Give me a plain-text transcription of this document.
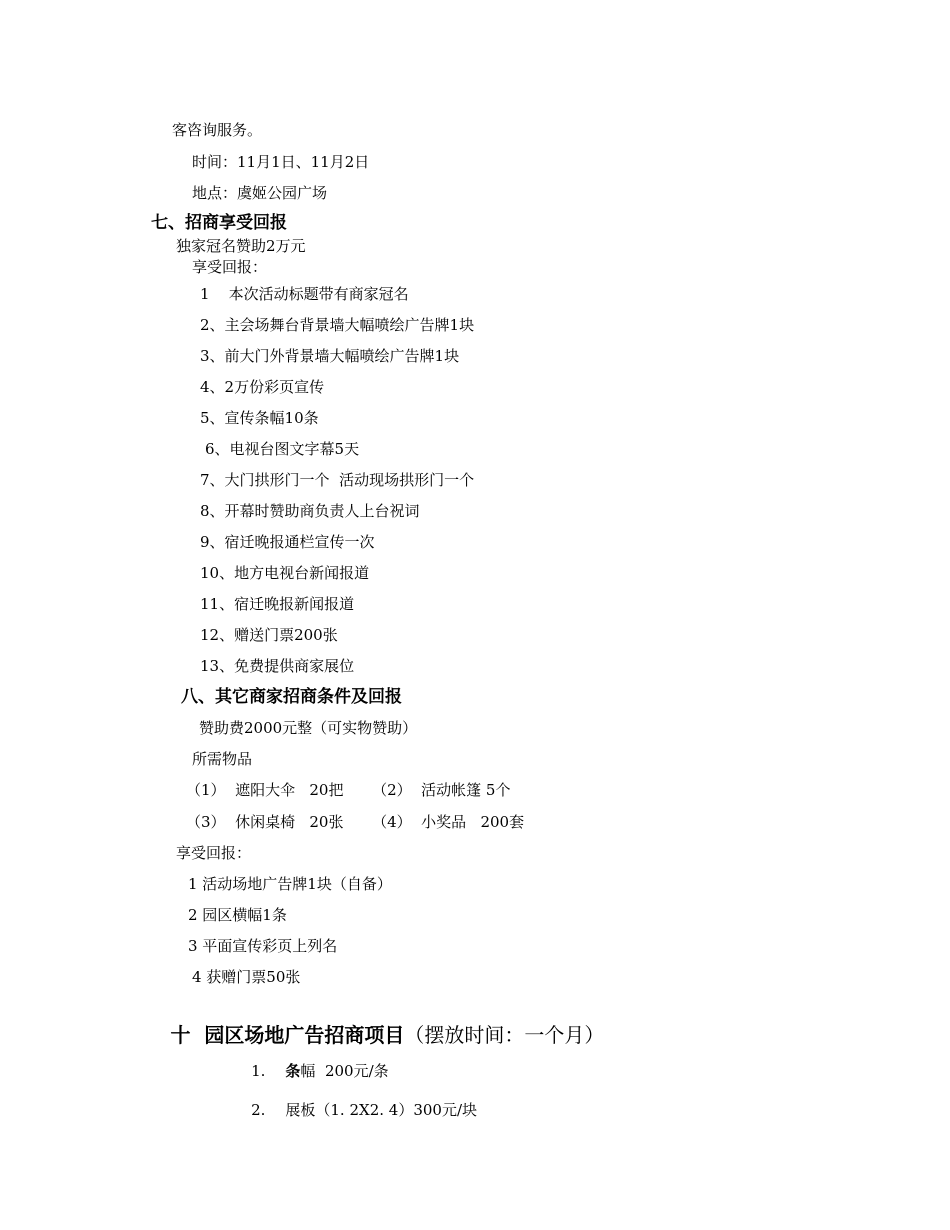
客咨询服务。
时间：11月1日、11月2日
地点：虞姬公园广场
七、招商享受回报
独家冠名赞助2万元
享受回报：
1    本次活动标题带有商家冠名
2、主会场舞台背景墙大幅喷绘广告牌1块
3、前大门外背景墙大幅喷绘广告牌1块
4、2万份彩页宣传
5、宣传条幅10条
6、电视台图文字幕5天
7、大门拱形门一个  活动现场拱形门一个
8、开幕时赞助商负责人上台祝词
9、宿迁晚报通栏宣传一次
10、地方电视台新闻报道
11、宿迁晚报新闻报道
12、赠送门票200张
13、免费提供商家展位
八、其它商家招商条件及回报
赞助费2000元整（可实物赞助）
所需物品
（1）  遮阳大伞   20把      （2）  活动帐篷 5个
（3）  休闲桌椅   20张      （4）  小奖品   200套
享受回报：
1 活动场地广告牌1块（自备）
2 园区横幅1条
3 平面宣传彩页上列名
4 获赠门票50张

十  园区场地广告招商项目（摆放时间：一个月）

1. 条幅  200元/条

2. 展板（1. 2X2. 4）300元/块
